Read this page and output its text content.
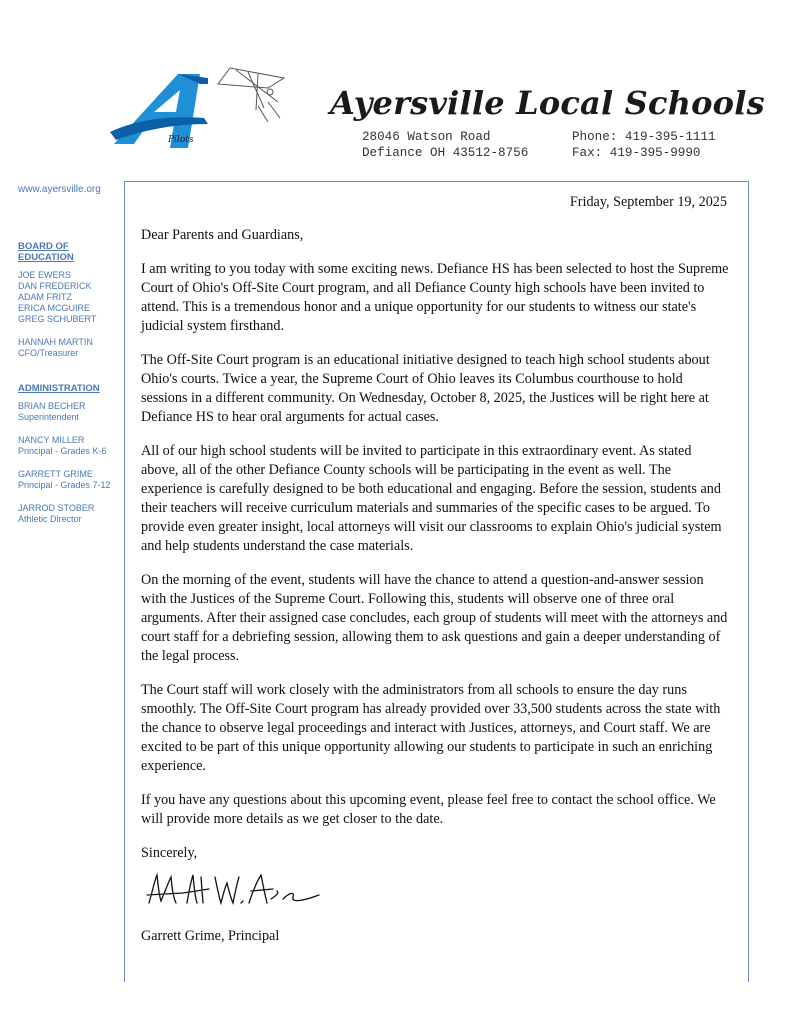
Pilots
Ayersville Local Schools
28046 Watson Road
Defiance OH 43512-8756
Phone: 419-395-1111
Fax: 419-395-9990
www.ayersville.org
BOARD OF EDUCATION
JOE EWERS
DAN FREDERICK
ADAM FRITZ
ERICA MCGUIRE
GREG SCHUBERT
HANNAH MARTIN
CFO/Treasurer
ADMINISTRATION
BRIAN BECHER
Superintendent
NANCY MILLER
Principal - Grades K-6
GARRETT GRIME
Principal - Grades 7-12
JARROD STOBER
Athletic Director
Friday, September 19, 2025

Dear Parents and Guardians,

I am writing to you today with some exciting news. Defiance HS has been selected to host the Supreme Court of Ohio's Off-Site Court program, and all Defiance County high schools have been invited to attend. This is a tremendous honor and a unique opportunity for our students to witness our state's judicial system firsthand.

The Off-Site Court program is an educational initiative designed to teach high school students about Ohio's courts. Twice a year, the Supreme Court of Ohio leaves its Columbus courthouse to hold sessions in a different community. On Wednesday, October 8, 2025, the Justices will be right here at Defiance HS to hear oral arguments for actual cases.

All of our high school students will be invited to participate in this extraordinary event. As stated above, all of the other Defiance County schools will be participating in the event as well. The experience is carefully designed to be both educational and engaging. Before the session, students and their teachers will receive curriculum materials and summaries of the specific cases to be argued. To provide even greater insight, local attorneys will visit our classrooms to explain Ohio's judicial system and help students understand the case materials.

On the morning of the event, students will have the chance to attend a question-and-answer session with the Justices of the Supreme Court. Following this, students will observe one of three oral arguments. After their assigned case concludes, each group of students will meet with the attorneys and court staff for a debriefing session, allowing them to ask questions and gain a deeper understanding of the legal process.

The Court staff will work closely with the administrators from all schools to ensure the day runs smoothly. The Off-Site Court program has already provided over 33,500 students across the state with the chance to observe legal proceedings and interact with Justices, attorneys, and Court staff. We are excited to be part of this unique opportunity allowing our students to participate in such an enriching experience.

If you have any questions about this upcoming event, please feel free to contact the school office. We will provide more details as we get closer to the date.

Sincerely,

Garrett Grime, Principal
